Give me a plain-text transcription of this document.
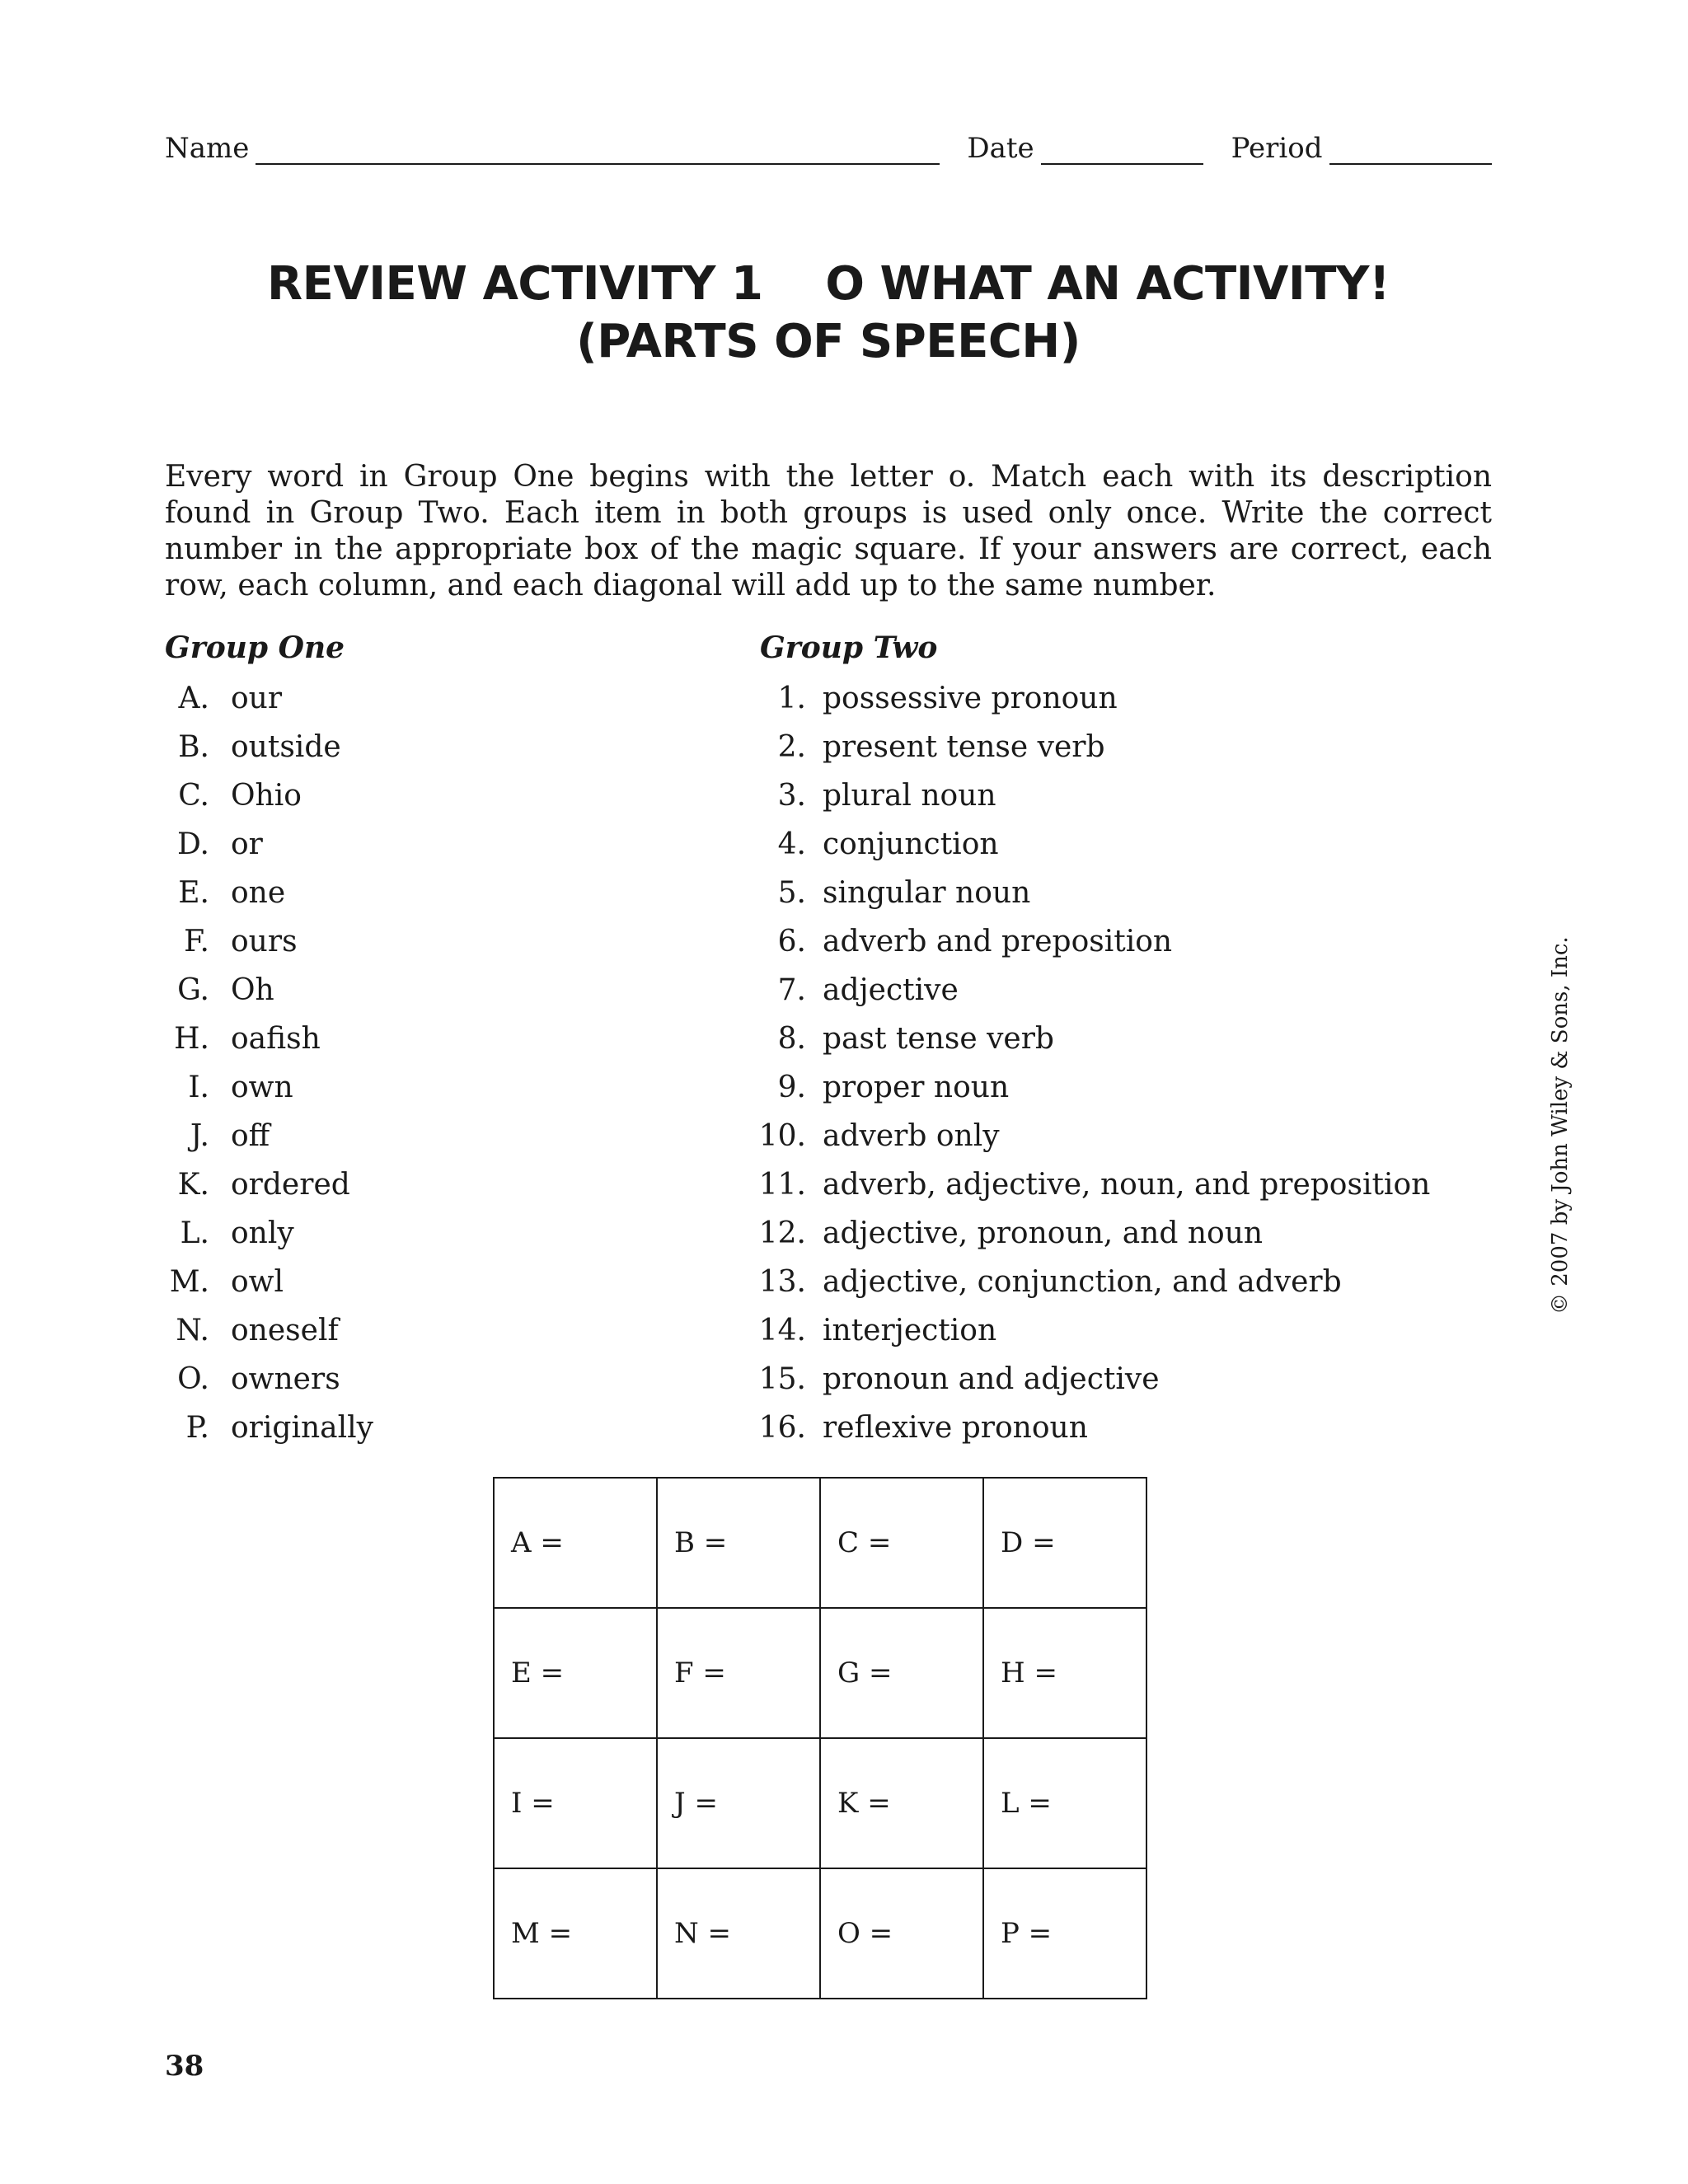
Name	Date	Period
REVIEW ACTIVITY 1    O WHAT AN ACTIVITY!
(PARTS OF SPEECH)

Every word in Group One begins with the letter o. Match each with its description found in Group Two. Each item in both groups is used only once. Write the correct number in the appropriate box of the magic square. If your answers are correct, each row, each column, and each diagonal will add up to the same number.

Group One	Group Two
A. our
B. outside
C. Ohio
D. or
E. one
F. ours
G. Oh
H. oafish
I. own
J. off
K. ordered
L. only
M. owl
N. oneself
O. owners
P. originally
1. possessive pronoun
2. present tense verb
3. plural noun
4. conjunction
5. singular noun
6. adverb and preposition
7. adjective
8. past tense verb
9. proper noun
10. adverb only
11. adverb, adjective, noun, and preposition
12. adjective, pronoun, and noun
13. adjective, conjunction, and adverb
14. interjection
15. pronoun and adjective
16. reflexive pronoun
© 2007 by John Wiley & Sons, Inc.
A =	B =	C =	D =
E =	F =	G =	H =
I =	J =	K =	L =
M =	N =	O =	P =
38
